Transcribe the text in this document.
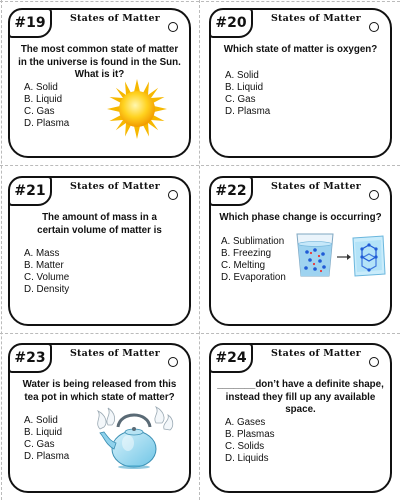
#19	States of Matter
The most common state of matter in the universe is found in the Sun. What is it?
A. Solid
B. Liquid
C. Gas
D. Plasma
#20	States of Matter
Which state of matter is oxygen?
A. Solid
B. Liquid
C. Gas
D. Plasma
#21	States of Matter
The amount of mass in a certain volume of matter is
A. Mass
B. Matter
C. Volume
D. Density
#22	States of Matter
Which phase change is occurring?
A. Sublimation
B. Freezing
C. Melting
D. Evaporation
#23	States of Matter
Water is being released from this tea pot in which state of matter?
A. Solid
B. Liquid
C. Gas
D. Plasma
#24	States of Matter
_______don’t have a definite shape, instead they fill up any available space.
A. Gases
B. Plasmas
C. Solids
D. Liquids
